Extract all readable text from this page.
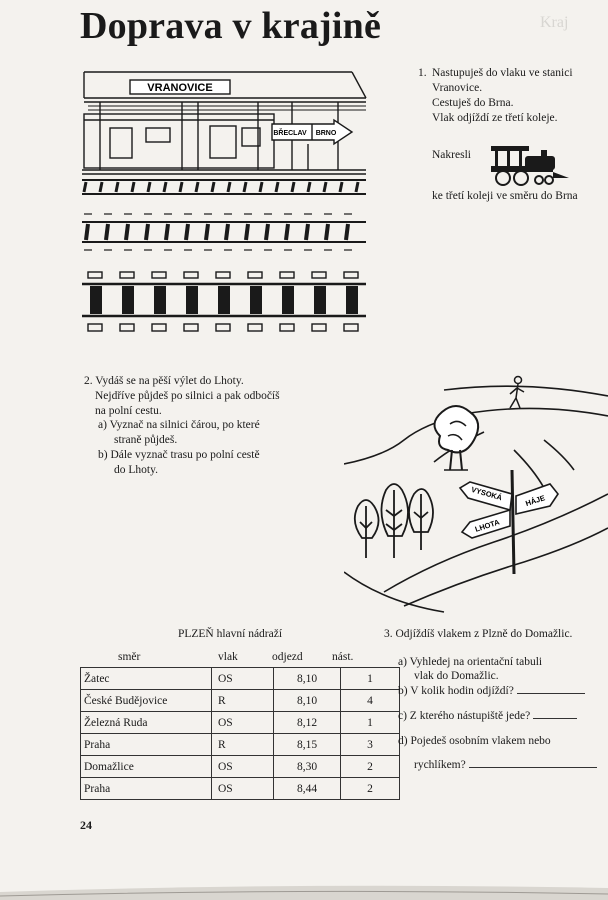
Doprava v krajině	Kraj
VRANOVICE
BŘECLAV BRNO
1. Nastupuješ do vlaku ve stanici
Vranovice.
Cestuješ do Brna.
Vlak odjíždí ze třetí koleje.
Nakresli
ke třetí koleji ve směru do Brna
2. Vydáš se na pěší výlet do Lhoty.
Nejdříve půjdeš po silnici a pak odbočíš
na polní cestu.
a) Vyznač na silnici čárou, po které
straně půjdeš.
b) Dále vyznač trasu po polní cestě
do Lhoty.
VYSOKÁ	HÁJE
LHOTA
PLZEŇ hlavní nádraží
směr	vlak	odjezd	nást.
Žatec	OS	8,10	1
České Budějovice	R	8,10	4
Železná Ruda	OS	8,12	1
Praha	R	8,15	3
Domažlice	OS	8,30	2
Praha	OS	8,44	2
3. Odjíždíš vlakem z Plzně do Domažlic.
a) Vyhledej na orientační tabuli
vlak do Domažlic.
b) V kolik hodin odjíždí?
c) Z kterého nástupiště jede?
d) Pojedeš osobním vlakem nebo
rychlíkem?
24
